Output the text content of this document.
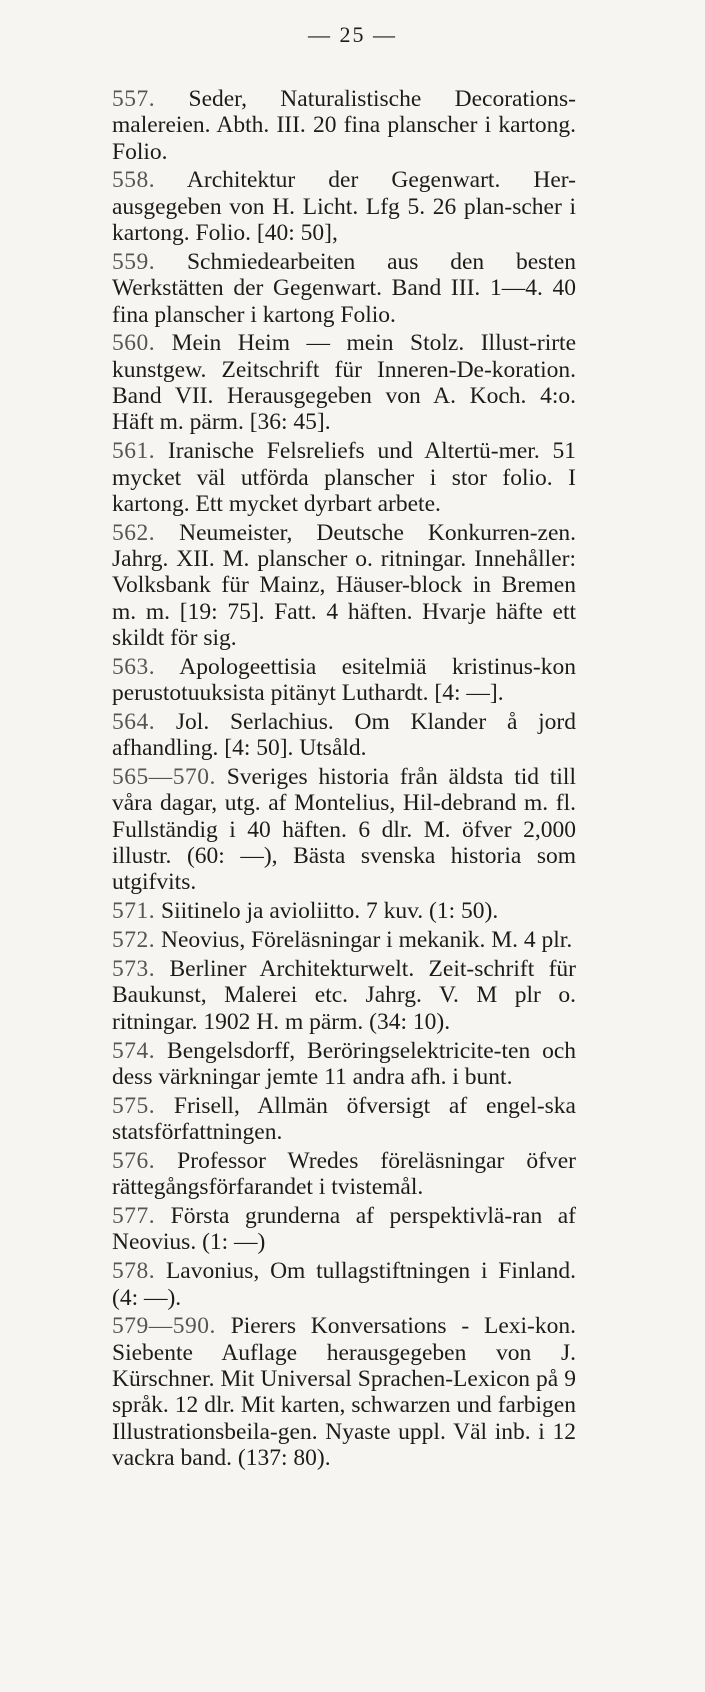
— 25 —

557. Seder, Naturalistische Decorations-malereien. Abth. III. 20 fina planscher i kartong. Folio.

558. Architektur der Gegenwart. Her-ausgegeben von H. Licht. Lfg 5. 26 plan-scher i kartong. Folio. [40: 50],

559. Schmiedearbeiten aus den besten Werkstätten der Gegenwart. Band III. 1—4. 40 fina planscher i kartong Folio.

560. Mein Heim — mein Stolz. Illust-rirte kunstgew. Zeitschrift für Inneren-De-koration. Band VII. Herausgegeben von A. Koch. 4:o. Häft m. pärm. [36: 45].

561. Iranische Felsreliefs und Altertü-mer. 51 mycket väl utförda planscher i stor folio. I kartong. Ett mycket dyrbart arbete.

562. Neumeister, Deutsche Konkurren-zen. Jahrg. XII. M. planscher o. ritningar. Innehåller: Volksbank für Mainz, Häuser-block in Bremen m. m. [19: 75]. Fatt. 4 häften. Hvarje häfte ett skildt för sig.

563. Apologeettisia esitelmiä kristinus-kon perustotuuksista pitänyt Luthardt. [4: —].

564. Jol. Serlachius. Om Klander å jord afhandling. [4: 50]. Utsåld.

565—570. Sveriges historia från äldsta tid till våra dagar, utg. af Montelius, Hil-debrand m. fl. Fullständig i 40 häften. 6 dlr. M. öfver 2,000 illustr. (60: —), Bästa svenska historia som utgifvits.

571. Siitinelo ja avioliitto. 7 kuv. (1: 50).

572. Neovius, Föreläsningar i mekanik. M. 4 plr.

573. Berliner Architekturwelt. Zeit-schrift für Baukunst, Malerei etc. Jahrg. V. M plr o. ritningar. 1902 H. m pärm. (34: 10).

574. Bengelsdorff, Beröringselektricite-ten och dess värkningar jemte 11 andra afh. i bunt.

575. Frisell, Allmän öfversigt af engel-ska statsförfattningen.

576. Professor Wredes föreläsningar öfver rättegångsförfarandet i tvistemål.

577. Första grunderna af perspektivlä-ran af Neovius. (1: —)

578. Lavonius, Om tullagstiftningen i Finland. (4: —).

579—590. Pierers Konversations - Lexi-kon. Siebente Auflage herausgegeben von J. Kürschner. Mit Universal Sprachen-Lexicon på 9 språk. 12 dlr. Mit karten, schwarzen und farbigen Illustrationsbeila-gen. Nyaste uppl. Väl inb. i 12 vackra band. (137: 80).
